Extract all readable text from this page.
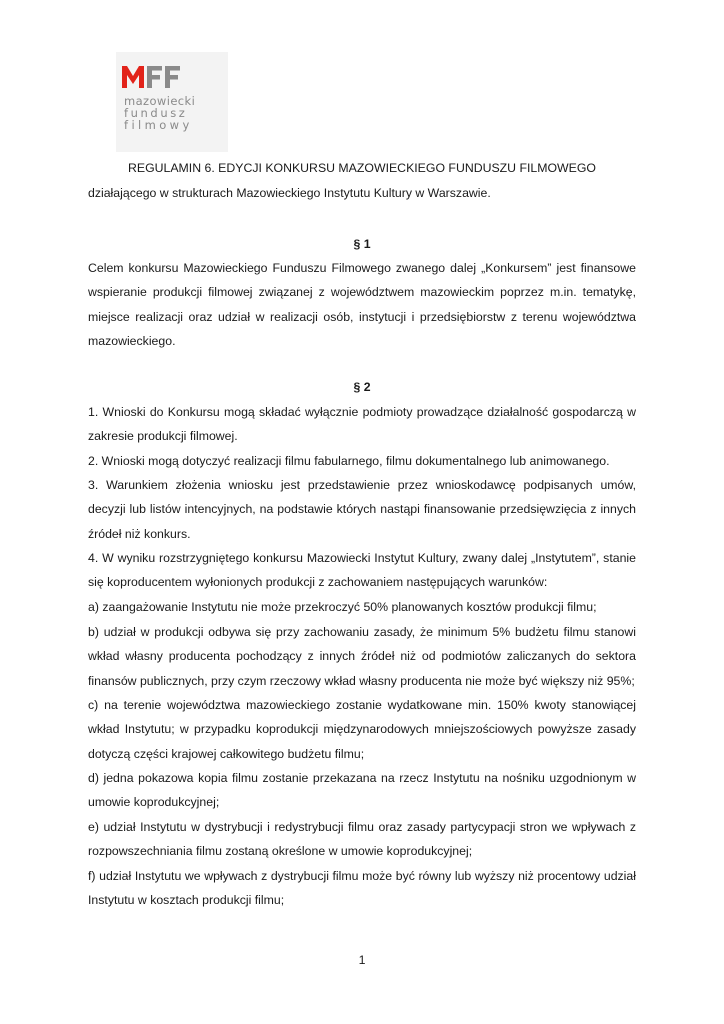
mazowiecki
fundusz
filmowy
REGULAMIN 6. EDYCJI KONKURSU MAZOWIECKIEGO FUNDUSZU FILMOWEGO
działającego w strukturach Mazowieckiego Instytutu Kultury w Warszawie.
§ 1
Celem konkursu Mazowieckiego Funduszu Filmowego zwanego dalej „Konkursem” jest finansowe wspieranie produkcji filmowej związanej z województwem mazowieckim poprzez m.in. tematykę, miejsce realizacji oraz udział w realizacji osób, instytucji i przedsiębiorstw z terenu województwa mazowieckiego.
§ 2
1. Wnioski do Konkursu mogą składać wyłącznie podmioty prowadzące działalność gospodarczą w zakresie produkcji filmowej.
2. Wnioski mogą dotyczyć realizacji filmu fabularnego, filmu dokumentalnego lub animowanego.
3. Warunkiem złożenia wniosku jest przedstawienie przez wnioskodawcę podpisanych umów, decyzji lub listów intencyjnych, na podstawie których nastąpi finansowanie przedsięwzięcia z innych źródeł niż konkurs.
4. W wyniku rozstrzygniętego konkursu Mazowiecki Instytut Kultury, zwany dalej „Instytutem”, stanie się koproducentem wyłonionych produkcji z zachowaniem następujących warunków:
a) zaangażowanie Instytutu nie może przekroczyć 50% planowanych kosztów produkcji filmu;
b) udział w produkcji odbywa się przy zachowaniu zasady, że minimum 5% budżetu filmu stanowi wkład własny producenta pochodzący z innych źródeł niż od podmiotów zaliczanych do sektora finansów publicznych, przy czym rzeczowy wkład własny producenta nie może być większy niż 95%;
c) na terenie województwa mazowieckiego zostanie wydatkowane min. 150% kwoty stanowiącej wkład Instytutu; w przypadku koprodukcji międzynarodowych mniejszościowych powyższe zasady dotyczą części krajowej całkowitego budżetu filmu;
d) jedna pokazowa kopia filmu zostanie przekazana na rzecz Instytutu na nośniku uzgodnionym w umowie koprodukcyjnej;
e) udział Instytutu w dystrybucji i redystrybucji filmu oraz zasady partycypacji stron we wpływach z rozpowszechniania filmu zostaną określone w umowie koprodukcyjnej;
f) udział Instytutu we wpływach z dystrybucji filmu może być równy lub wyższy niż procentowy udział Instytutu w kosztach produkcji filmu;
1
